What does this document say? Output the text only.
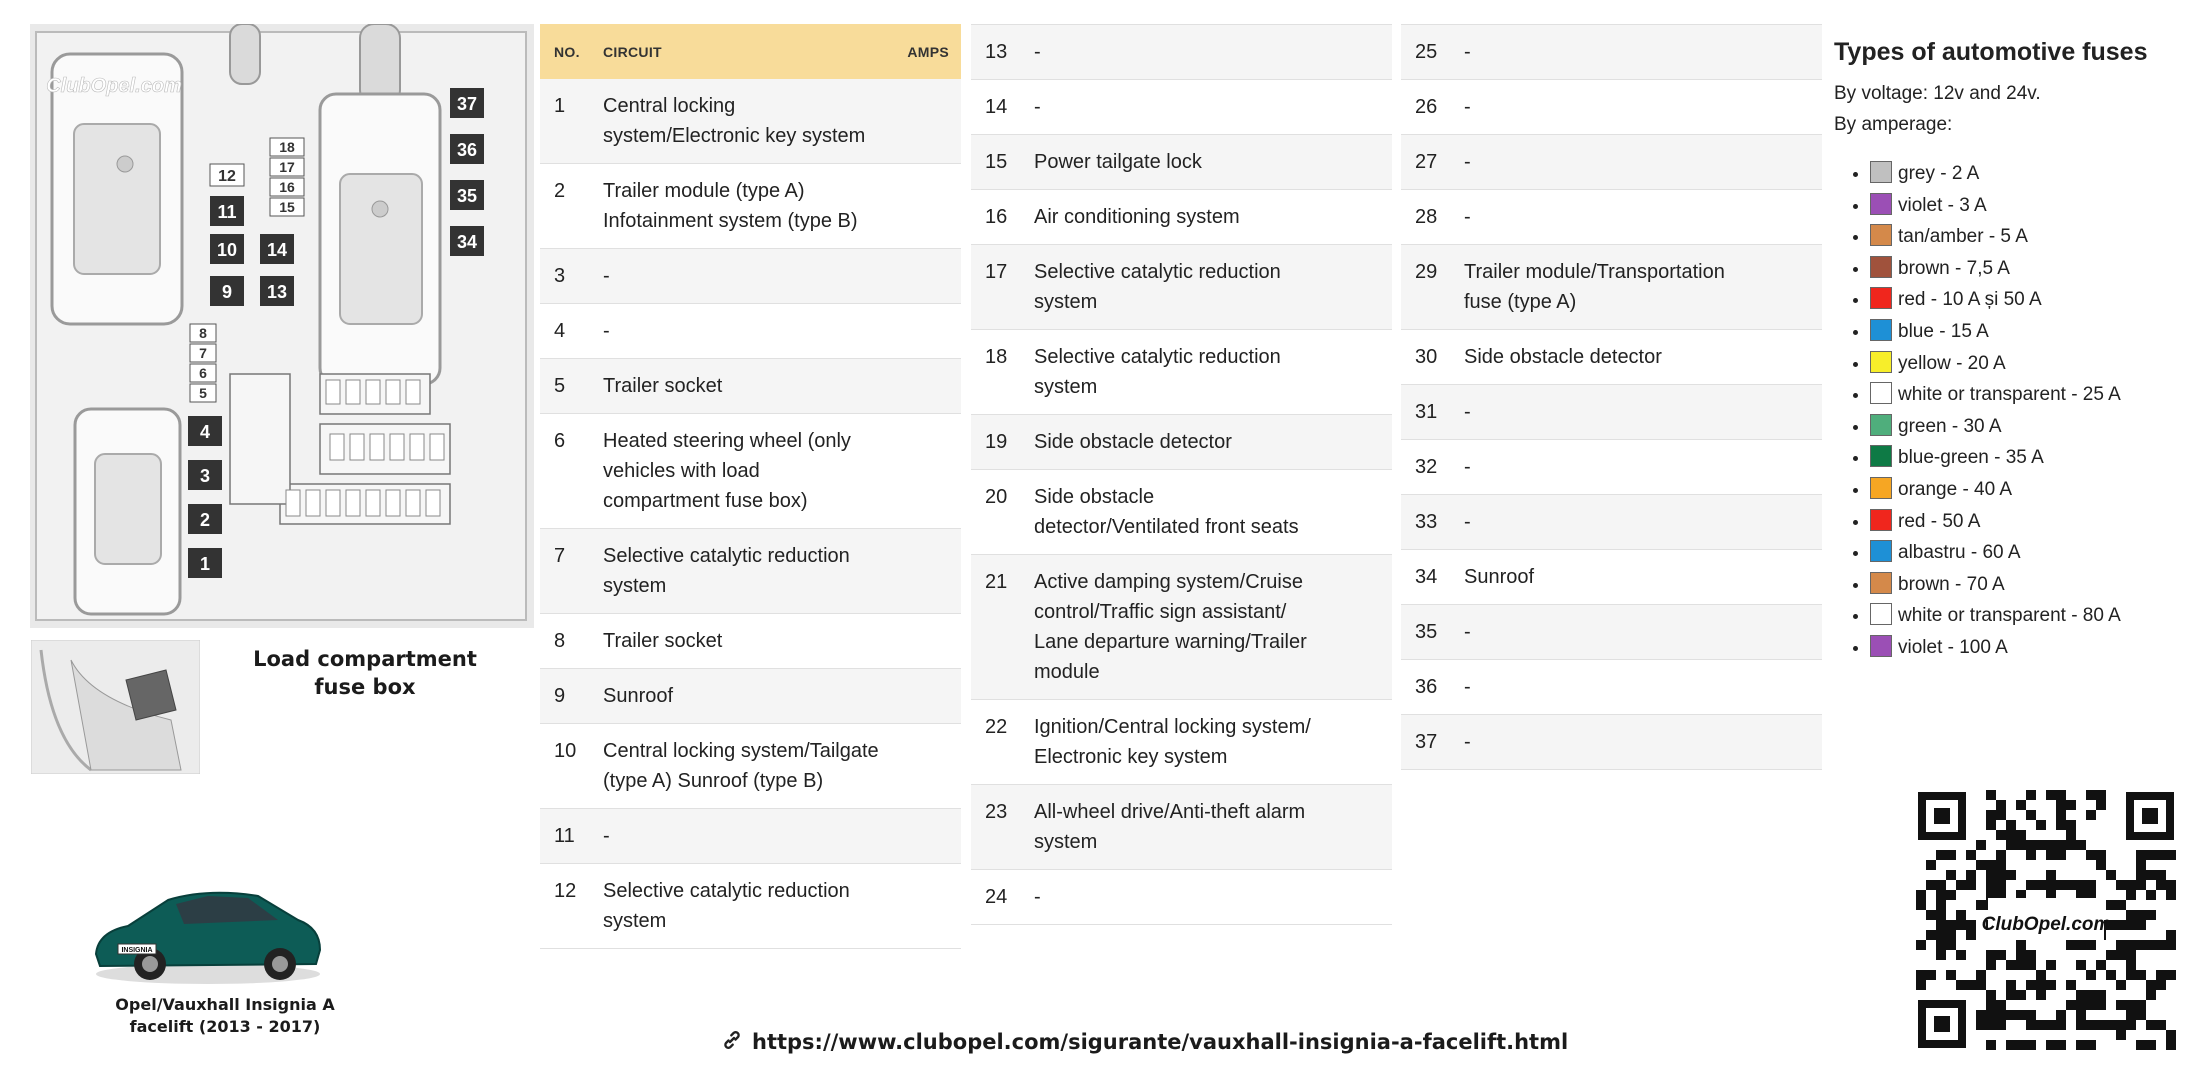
37
36
35
34
18
17
16
15
12
11
14
10
9 13
8
7
6
5
4
3
2
1
ClubOpel.com
Load compartment fuse box
INSIGNIA
Opel/Vauxhall Insignia A facelift (2013 - 2017)
NO.	CIRCUIT	AMPS
1	Central locking system/Electronic key system
2	Trailer module (type A) Infotainment system (type B)
3	-
4	-
5	Trailer socket
6	Heated steering wheel (only vehicles with load compartment fuse box)
7	Selective catalytic reduction system
8	Trailer socket
9	Sunroof
10	Central locking system/Tailgate (type A) Sunroof (type B)
11	-
12	Selective catalytic reduction system
13	-
14	-
15	Power tailgate lock
16	Air conditioning system
17	Selective catalytic reduction system
18	Selective catalytic reduction system
19	Side obstacle detector
20	Side obstacle detector/Ventilated front seats
21	Active damping system/Cruise control/Traffic sign assistant/ Lane departure warning/Trailer module
22	Ignition/Central locking system/ Electronic key system
23	All-wheel drive/Anti-theft alarm system
24	-
25	-
26	-
27	-
28	-
29	Trailer module/Transportation fuse (type A)
30	Side obstacle detector
31	-
32	-
33	-
34	Sunroof
35	-
36	-
37	-
Types of automotive fuses
By voltage: 12v and 24v.
By amperage:
• grey - 2 A
• violet - 3 A
• tan/amber - 5 A
• brown - 7,5 A
• red - 10 A și 50 A
• blue - 15 A
• yellow - 20 A
• white or transparent - 25 A
• green - 30 A
• blue-green - 35 A
• orange - 40 A
• red - 50 A
• albastru - 60 A
• brown - 70 A
• white or transparent - 80 A
• violet - 100 A
ClubOpel.com
https://www.clubopel.com/sigurante/vauxhall-insignia-a-facelift.html
